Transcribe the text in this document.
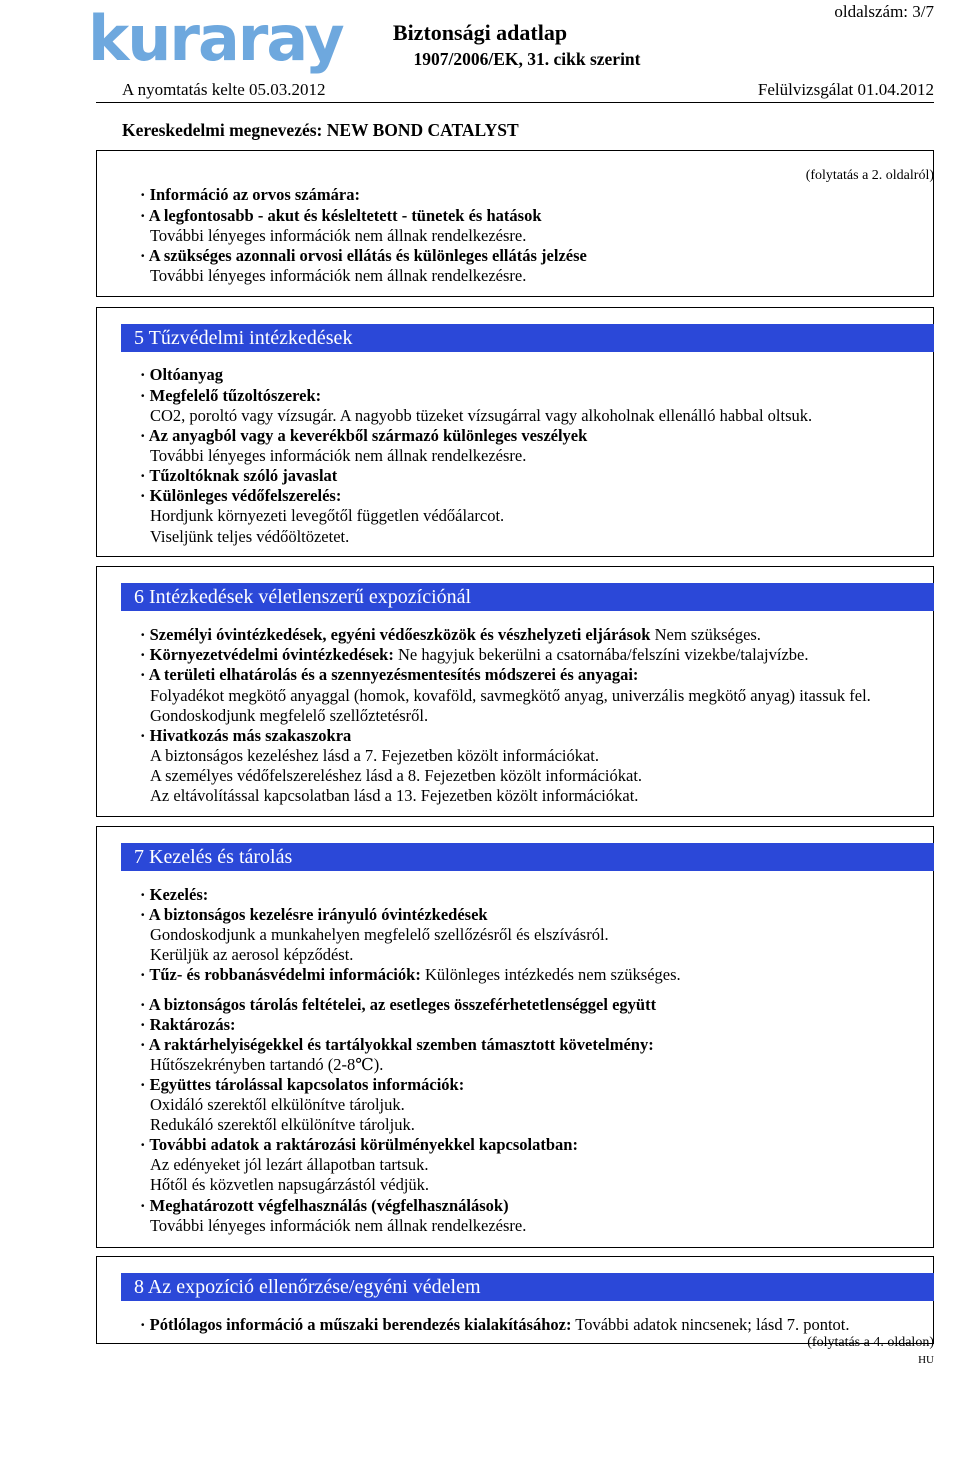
kuraray	oldalszám: 3/7
Biztonsági adatlap
1907/2006/EK, 31. cikk szerint
A nyomtatás kelte 05.03.2012	Felülvizsgálat 01.04.2012
Kereskedelmi megnevezés: NEW BOND CATALYST
(folytatás a 2. oldalról)
· Információ az orvos számára:
· A legfontosabb - akut és késleltetett - tünetek és hatások
További lényeges információk nem állnak rendelkezésre.
· A szükséges azonnali orvosi ellátás és különleges ellátás jelzése
További lényeges információk nem állnak rendelkezésre.
5 Tűzvédelmi intézkedések
· Oltóanyag
· Megfelelő tűzoltószerek:
CO2, poroltó vagy vízsugár. A nagyobb tüzeket vízsugárral vagy alkoholnak ellenálló habbal oltsuk.
· Az anyagból vagy a keverékből származó különleges veszélyek
További lényeges információk nem állnak rendelkezésre.
· Tűzoltóknak szóló javaslat
· Különleges védőfelszerelés:
Hordjunk környezeti levegőtől független védőálarcot.
Viseljünk teljes védőöltözetet.
6 Intézkedések véletlenszerű expozíciónál
· Személyi óvintézkedések, egyéni védőeszközök és vészhelyzeti eljárások Nem szükséges.
· Környezetvédelmi óvintézkedések: Ne hagyjuk bekerülni a csatornába/felszíni vizekbe/talajvízbe.
· A területi elhatárolás és a szennyezésmentesítés módszerei és anyagai:
Folyadékot megkötő anyaggal (homok, kovaföld, savmegkötő anyag, univerzális megkötő anyag) itassuk fel.
Gondoskodjunk megfelelő szellőztetésről.
· Hivatkozás más szakaszokra
A biztonságos kezeléshez lásd a 7. Fejezetben közölt információkat.
A személyes védőfelszereléshez lásd a 8. Fejezetben közölt információkat.
Az eltávolítással kapcsolatban lásd a 13. Fejezetben közölt információkat.
7 Kezelés és tárolás
· Kezelés:
· A biztonságos kezelésre irányuló óvintézkedések
Gondoskodjunk a munkahelyen megfelelő szellőzésről és elszívásról.
Kerüljük az aerosol képződést.
· Tűz- és robbanásvédelmi információk: Különleges intézkedés nem szükséges.
· A biztonságos tárolás feltételei, az esetleges összeférhetetlenséggel együtt
· Raktározás:
· A raktárhelyiségekkel és tartályokkal szemben támasztott követelmény:
Hűtőszekrényben tartandó (2-8℃).
· Együttes tárolással kapcsolatos információk:
Oxidáló szerektől elkülönítve tároljuk.
Redukáló szerektől elkülönítve tároljuk.
· További adatok a raktározási körülményekkel kapcsolatban:
Az edényeket jól lezárt állapotban tartsuk.
Hőtől és közvetlen napsugárzástól védjük.
· Meghatározott végfelhasználás (végfelhasználások)
További lényeges információk nem állnak rendelkezésre.
8 Az expozíció ellenőrzése/egyéni védelem
· Pótlólagos információ a műszaki berendezés kialakításához: További adatok nincsenek; lásd 7. pontot.
(folytatás a 4. oldalon)
HU
